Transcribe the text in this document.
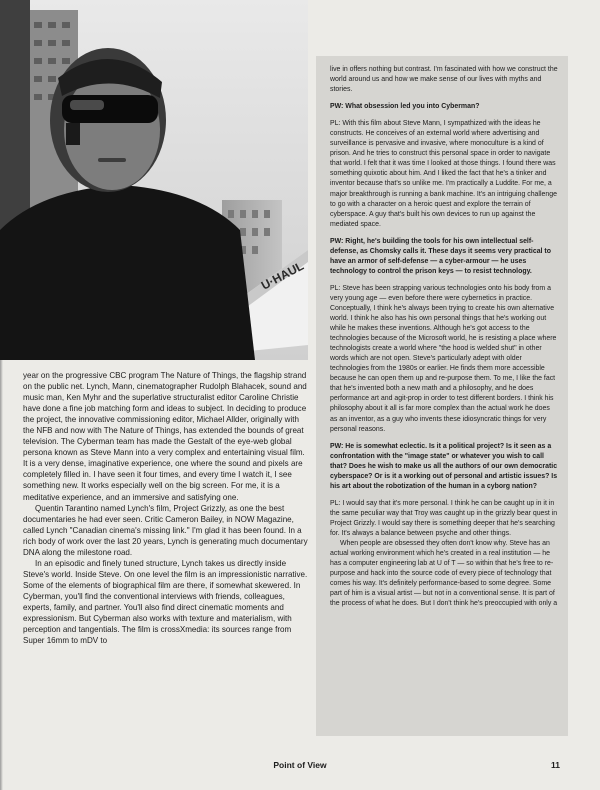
U·HAUL

year on the progressive CBC program The Nature of Things, the flagship strand on the public net. Lynch, Mann, cinematographer Rudolph Blahacek, sound and music man, Ken Myhr and the superlative structuralist editor Caroline Christie have done a fine job matching form and ideas to subject. In deciding to produce the project, the innovative commissioning editor, Michael Allder, originally with the NFB and now with The Nature of Things, has extended the bounds of great television. The Cyberman team has made the Gestalt of the eye-web global persona known as Steve Mann into a very complex and entertaining visual film. It is a very dense, imaginative experience, one where the sound and pixels are completely filled in. I have seen it four times, and every time I watch it, I see something new. It works especially well on the big screen. For me, it is a meditative experience, and an immersive and satisfying one.

Quentin Tarantino named Lynch's film, Project Grizzly, as one the best documentaries he had ever seen. Critic Cameron Bailey, in NOW Magazine, called Lynch "Canadian cinema's missing link." I'm glad it has been found. In a rich body of work over the last 20 years, Lynch is generating much documentary DNA along the milestone road.

In an episodic and finely tuned structure, Lynch takes us directly inside Steve's world. Inside Steve. On one level the film is an impressionistic narrative. Some of the elements of biographical film are there, if somewhat skewered. In Cyberman, you'll find the conventional interviews with friends, colleagues, experts, family, and partner. You'll also find direct cinematic moments and expressionism. But Cyberman also works with texture and materialism, with perception and tangentials. The film is crossXmedia: its sources range from Super 16mm to mDV to

live in offers nothing but contrast. I'm fascinated with how we construct the world around us and how we make sense of our lives with myths and stories.

PW: What obsession led you into Cyberman?

PL: With this film about Steve Mann, I sympathized with the ideas he constructs. He conceives of an external world where advertising and surveillance is pervasive and invasive, where monoculture is a kind of prison. And he tries to construct this personal space in order to navigate that world. I felt that it was time I looked at those things. I found there was something quixotic about him. And I liked the fact that he's a tinker and inventor because that's so unlike me. I'm practically a Luddite. For me, a major breakthrough is running a bank machine. It's an intriguing challenge to go with a character on a heroic quest and explore the terrain of cyberspace. A guy that's built his own devices to run up against the mediated space.

PW: Right, he's building the tools for his own intellectual self-defense, as Chomsky calls it. These days it seems very practical to have an armor of self-defense — a cyber-armour — he uses technology to control the prison keys — to resist technology.

PL: Steve has been strapping various technologies onto his body from a very young age — even before there were cybernetics in practice. Conceptually, I think he's always been trying to create his own alternative world. I think he also has his own personal things that he's working out while he makes these inventions. Although he's got access to the technologies because of the Microsoft world, he is resisting a place where technologists create a world where "the hood is welded shut" in other words which are not open. Steve's particularly adept with older technologies from the 1980s or earlier. He finds them more accessible because he can open them up and re-purpose them. To me, I like the fact that he's invented both a new math and a philosophy, and he does performance art and agit-prop in order to test different borders. I think his philosophy about it all is far more complex than the actual work he does as an inventor, as a guy who invents these idiosyncratic things for very personal reasons.

PW: He is somewhat eclectic. Is it a political project? Is it seen as a confrontation with the "image state" or whatever you wish to call that? Does he wish to make us all the authors of our own democratic cyberspace? Or is it a working out of personal and artistic issues? Is his art about the robotization of the human in a cyborg nation?

PL: I would say that it's more personal. I think he can be caught up in it in the same peculiar way that Troy was caught up in the grizzly bear quest in Project Grizzly. I would say there is something deeper that he's searching for. It's always a balance between psyche and other things.

When people are obsessed they often don't know why. Steve has an actual working environment which he's created in a real institution — he has a computer engineering lab at U of T — so within that he's free to re-purpose and hack into the source code of every piece of technology that comes his way. It's definitely performance-based to some degree. Some part of him is a visual artist — but not in a conventional sense. It is part of the process of what he does. But I don't think he's preoccupied with only a

Point of View	11
